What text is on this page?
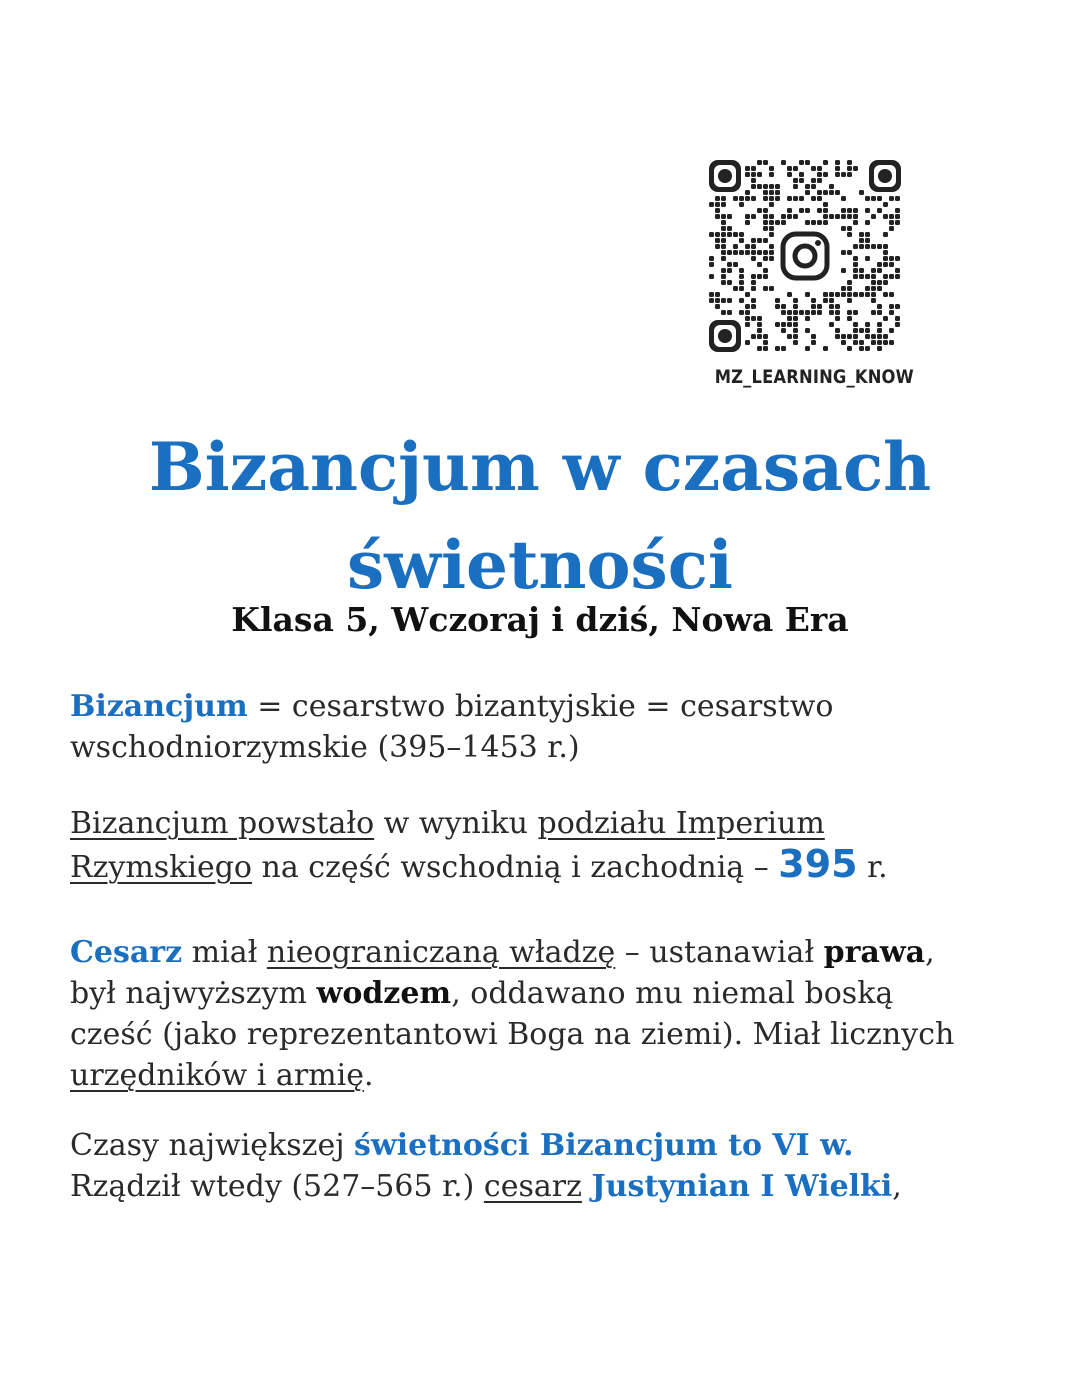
MZ_LEARNING_KNOW
Bizancjum w czasach
świetności
Klasa 5, Wczoraj i dziś, Nowa Era

Bizancjum = cesarstwo bizantyjskie = cesarstwo
wschodniorzymskie (395–1453 r.)

Bizancjum powstało w wyniku podziału Imperium
Rzymskiego na część wschodnią i zachodnią – 395 r.

Cesarz miał nieograniczaną władzę – ustanawiał prawa,
był najwyższym wodzem, oddawano mu niemal boską
cześć (jako reprezentantowi Boga na ziemi). Miał licznych
urzędników i armię.

Czasy największej świetności Bizancjum to VI w.
Rządził wtedy (527–565 r.) cesarz Justynian I Wielki,
